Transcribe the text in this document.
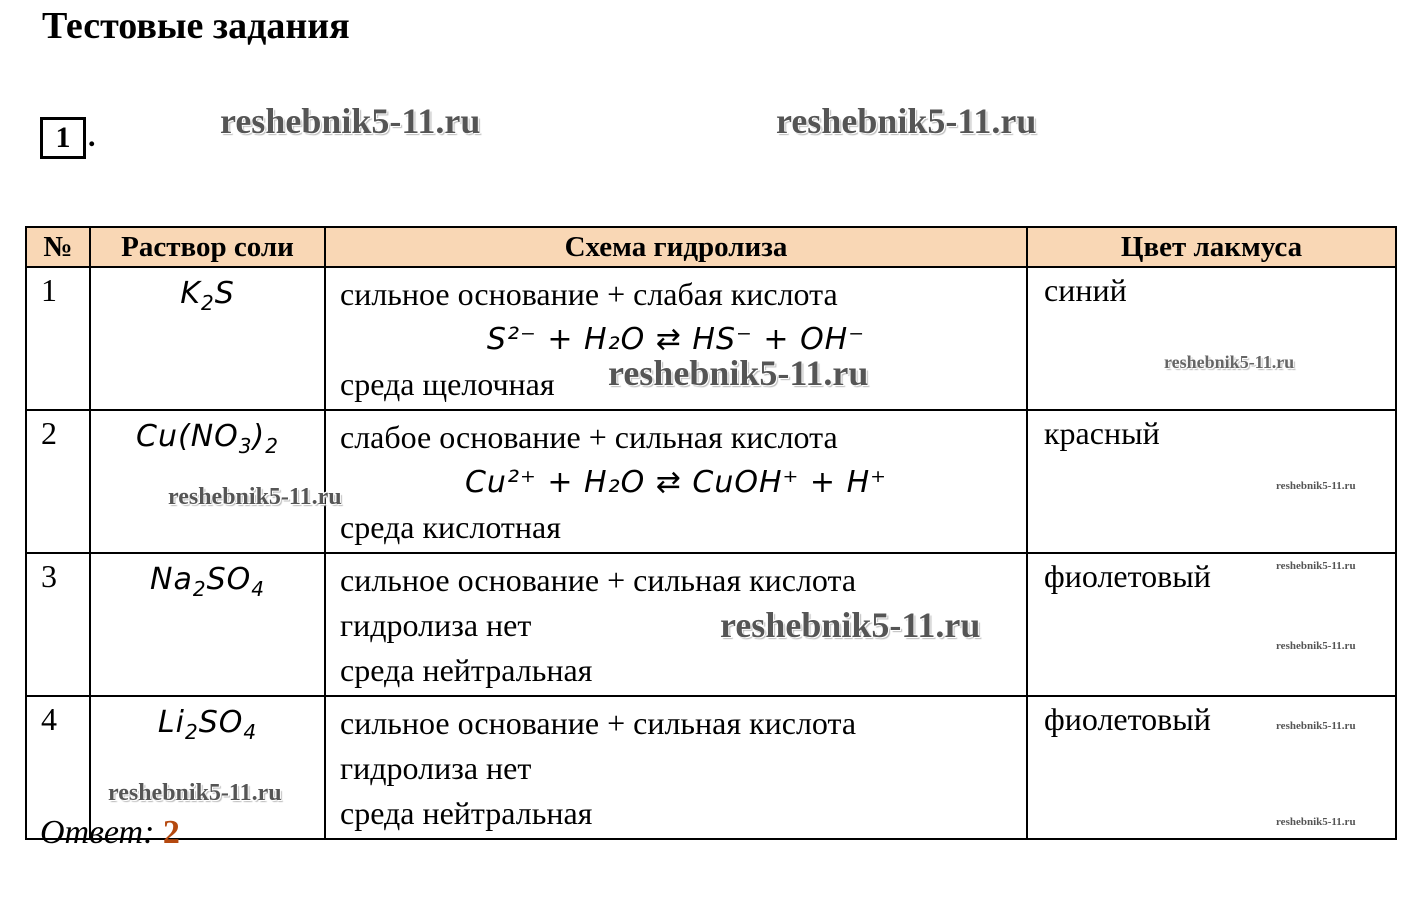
Тестовые задания
1 .	reshebnik5-11.ru	reshebnik5-11.ru
№	Раствор соли	Схема гидролиза	Цвет лакмуса
1	$K_2S$	сильное основание + слабая кислота
S²⁻ + H₂O ⇄ HS⁻ + OH⁻
среда щелочная	синий
2	$Cu(NO_3)_2$	слабое основание + сильная кислота
Cu²⁺ + H₂O ⇄ CuOH⁺ + H⁺
среда кислотная	красный
3	$Na_2SO_4$	сильное основание + сильная кислота
гидролиза нет
среда нейтральная	фиолетовый
4	$Li_2SO_4$	сильное основание + сильная кислота
гидролиза нет
среда нейтральная	фиолетовый
reshebnik5-11.ru	reshebnik5-11.ru
reshebnik5-11.ru	reshebnik5-11.ru
reshebnik5-11.ru
reshebnik5-11.ru
reshebnik5-11.ru
reshebnik5-11.ru
reshebnik5-11.ru
reshebnik5-11.ru
Ответ: 2
